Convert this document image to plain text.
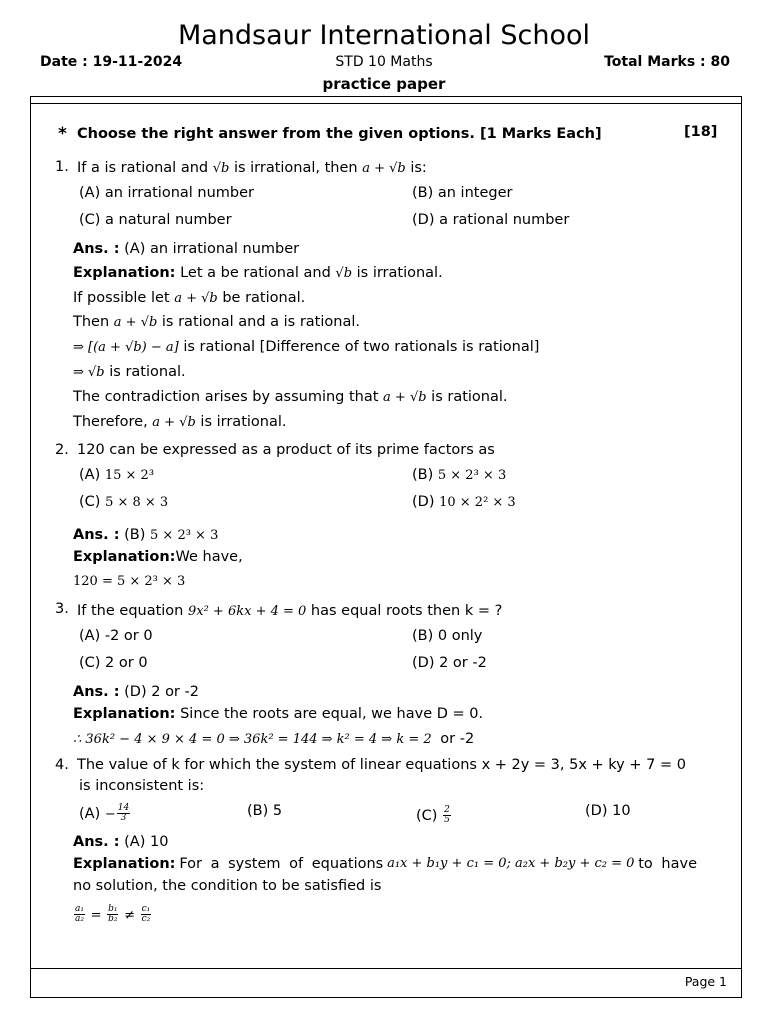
Mandsaur International School
Date : 19-11-2024	STD 10 Maths	Total Marks : 80
practice paper
* Choose the right answer from the given options. [1 Marks Each]	[18]
1. If a is rational and √b is irrational, then a + √b is:
(A) an irrational number	(B) an integer
(C) a natural number	(D) a rational number
Ans. : (A) an irrational number
Explanation: Let a be rational and √b is irrational.
If possible let a + √b be rational.
Then a + √b is rational and a is rational.
⇒ [(a + √b) − a] is rational [Difference of two rationals is rational]
⇒ √b is rational.
The contradiction arises by assuming that a + √b is rational.
Therefore, a + √b is irrational.
2. 120 can be expressed as a product of its prime factors as
(A) 15 × 2³	(B) 5 × 2³ × 3
(C) 5 × 8 × 3	(D) 10 × 2² × 3
Ans. : (B) 5 × 2³ × 3
Explanation:We have,
120 = 5 × 2³ × 3
3. If the equation 9x² + 6kx + 4 = 0 has equal roots then k = ?
(A) -2 or 0	(B) 0 only
(C) 2 or 0	(D) 2 or -2
Ans. : (D) 2 or -2
Explanation: Since the roots are equal, we have D = 0.
∴ 36k² − 4 × 9 × 4 = 0 ⇒ 36k² = 144 ⇒ k² = 4 ⇒ k = 2 or -2
4. The value of k for which the system of linear equations x + 2y = 3, 5x + ky + 7 = 0
is inconsistent is:
$(A) - \frac{14}{3}$	(B) 5	$(C) \frac{2}{5}$	(D) 10
Ans. : (A) 10
Explanation: For a system of equations a₁x + b₁y + c₁ = 0; a₂x + b₂y + c₂ = 0 to have
no solution, the condition to be satisfied is
$\frac{\text{a₁}}{\text{a₂}} = \frac{\text{b₁}}{\text{b₂}} \ne \frac{\text{c₁}}{\text{c₂}}$
Page 1
